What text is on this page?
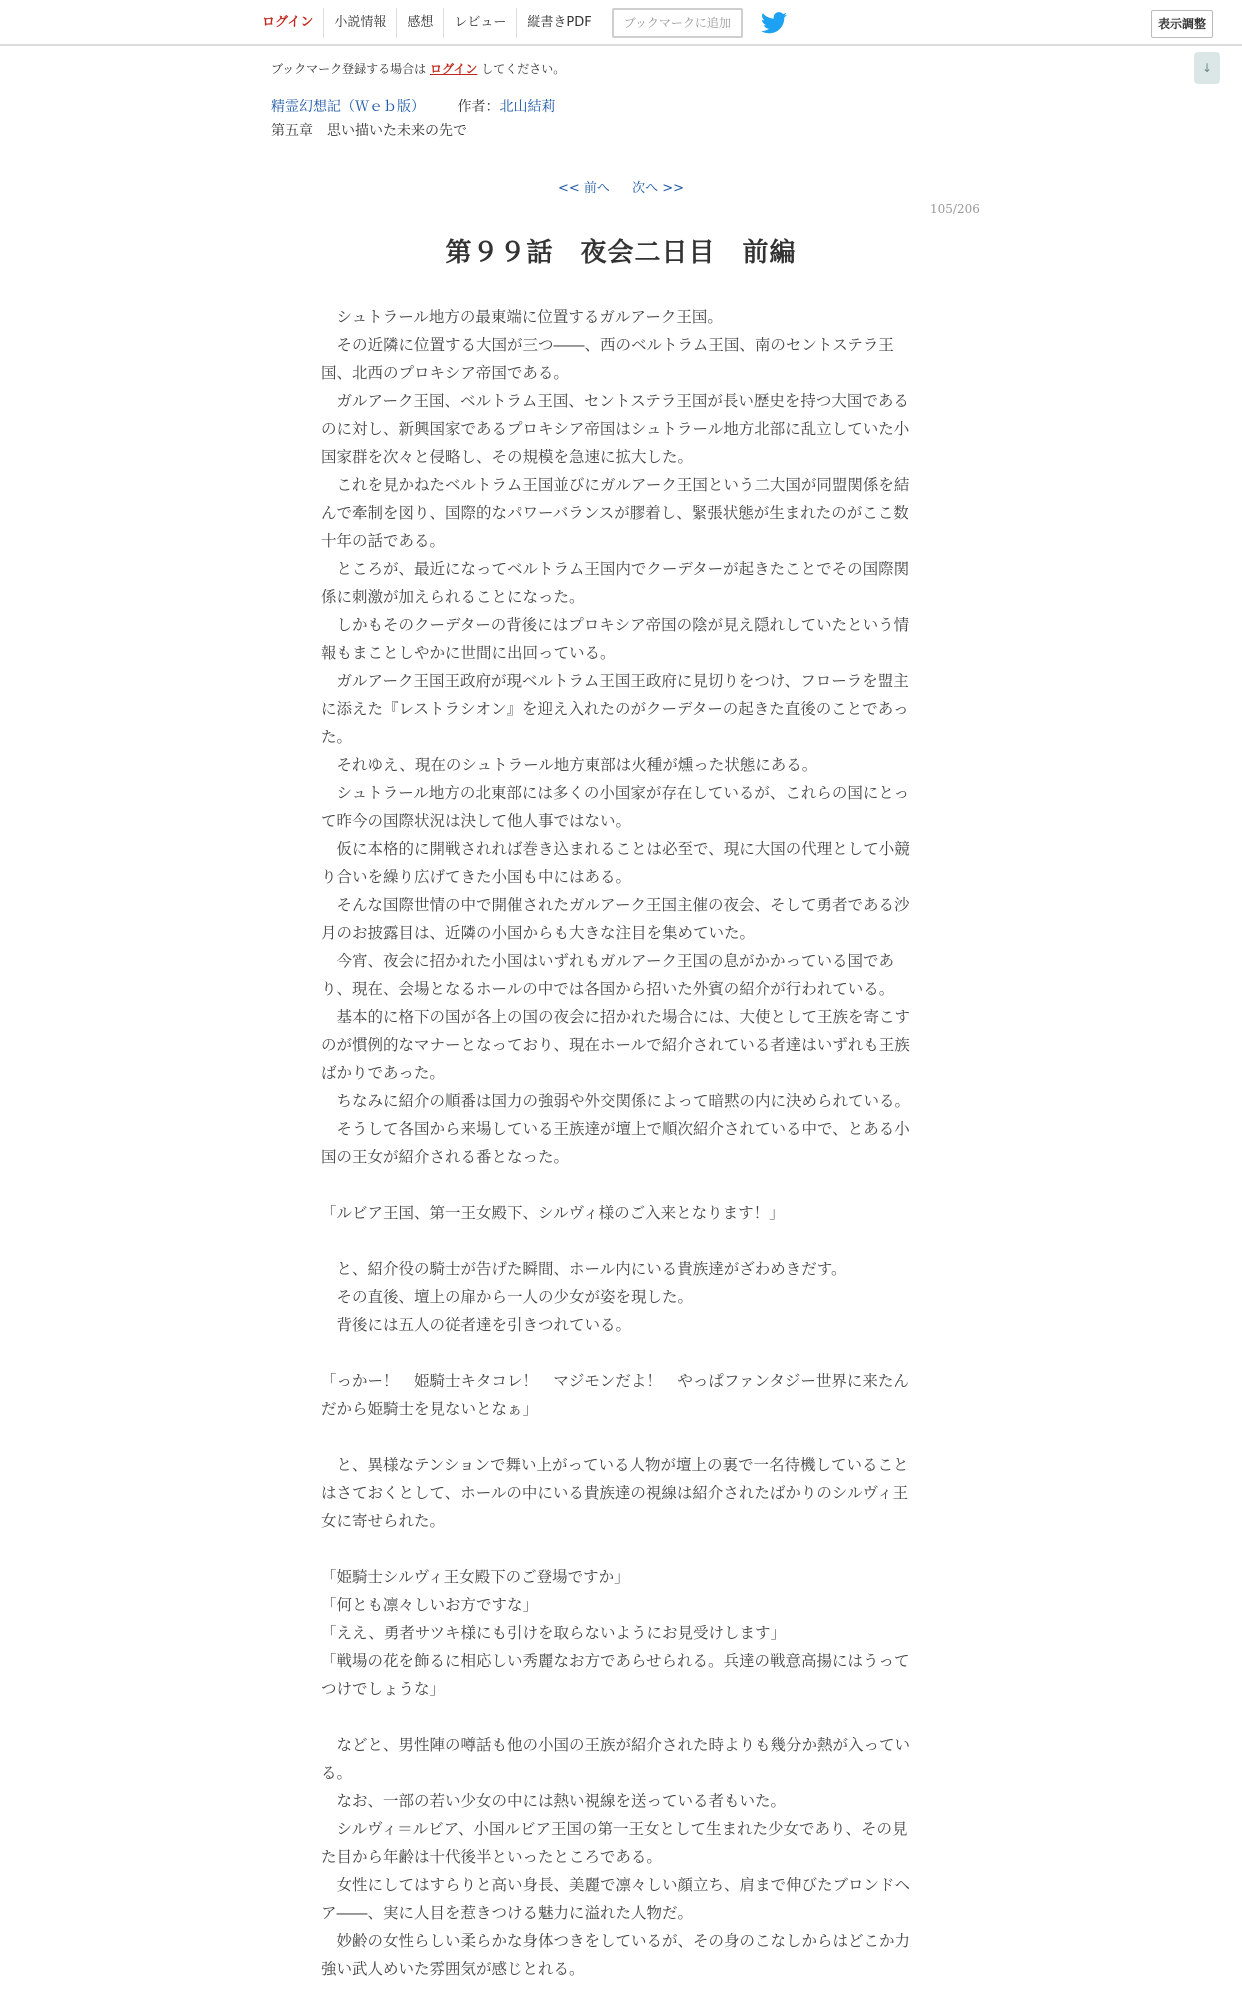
ログイン	小説情報	感想	レビュー	縦書きPDF	ブックマークに追加	表示調整
↓
ブックマーク登録する場合は ログイン してください。
精霊幻想記（Ｗｅｂ版） 作者：北山結莉
第五章　思い描いた未来の先で
<< 前へ 次へ >>
105/206
第９９話　夜会二日目　前編

シュトラール地方の最東端に位置するガルアーク王国。

その近隣に位置する大国が三つ――、西のベルトラム王国、南のセントステラ王国、北西のプロキシア帝国である。

ガルアーク王国、ベルトラム王国、セントステラ王国が長い歴史を持つ大国であるのに対し、新興国家であるプロキシア帝国はシュトラール地方北部に乱立していた小国家群を次々と侵略し、その規模を急速に拡大した。

これを見かねたベルトラム王国並びにガルアーク王国という二大国が同盟関係を結んで牽制を図り、国際的なパワーバランスが膠着し、緊張状態が生まれたのがここ数十年の話である。

ところが、最近になってベルトラム王国内でクーデターが起きたことでその国際関係に刺激が加えられることになった。

しかもそのクーデターの背後にはプロキシア帝国の陰が見え隠れしていたという情報もまことしやかに世間に出回っている。

ガルアーク王国王政府が現ベルトラム王国王政府に見切りをつけ、フローラを盟主に添えた『レストラシオン』を迎え入れたのがクーデターの起きた直後のことであった。

それゆえ、現在のシュトラール地方東部は火種が燻った状態にある。

シュトラール地方の北東部には多くの小国家が存在しているが、これらの国にとって昨今の国際状況は決して他人事ではない。

仮に本格的に開戦されれば巻き込まれることは必至で、現に大国の代理として小競り合いを繰り広げてきた小国も中にはある。

そんな国際世情の中で開催されたガルアーク王国主催の夜会、そして勇者である沙月のお披露目は、近隣の小国からも大きな注目を集めていた。

今宵、夜会に招かれた小国はいずれもガルアーク王国の息がかかっている国であり、現在、会場となるホールの中では各国から招いた外賓の紹介が行われている。

基本的に格下の国が各上の国の夜会に招かれた場合には、大使として王族を寄こすのが慣例的なマナーとなっており、現在ホールで紹介されている者達はいずれも王族ばかりであった。

ちなみに紹介の順番は国力の強弱や外交関係によって暗黙の内に決められている。

そうして各国から来場している王族達が壇上で順次紹介されている中で、とある小国の王女が紹介される番となった。

「ルビア王国、第一王女殿下、シルヴィ様のご入来となります！」

と、紹介役の騎士が告げた瞬間、ホール内にいる貴族達がざわめきだす。

その直後、壇上の扉から一人の少女が姿を現した。

背後には五人の従者達を引きつれている。

「っかー！　姫騎士キタコレ！　マジモンだよ！　やっぱファンタジー世界に来たんだから姫騎士を見ないとなぁ」

と、異様なテンションで舞い上がっている人物が壇上の裏で一名待機していることはさておくとして、ホールの中にいる貴族達の視線は紹介されたばかりのシルヴィ王女に寄せられた。

「姫騎士シルヴィ王女殿下のご登場ですか」

「何とも凛々しいお方ですな」

「ええ、勇者サツキ様にも引けを取らないようにお見受けします」

「戦場の花を飾るに相応しい秀麗なお方であらせられる。兵達の戦意高揚にはうってつけでしょうな」

などと、男性陣の噂話も他の小国の王族が紹介された時よりも幾分か熱が入っている。

なお、一部の若い少女の中には熱い視線を送っている者もいた。

シルヴィ＝ルビア、小国ルビア王国の第一王女として生まれた少女であり、その見た目から年齢は十代後半といったところである。

女性にしてはすらりと高い身長、美麗で凛々しい顔立ち、肩まで伸びたブロンドヘア――、実に人目を惹きつける魅力に溢れた人物だ。

妙齢の女性らしい柔らかな身体つきをしているが、その身のこなしからはどこか力強い武人めいた雰囲気が感じとれる。
